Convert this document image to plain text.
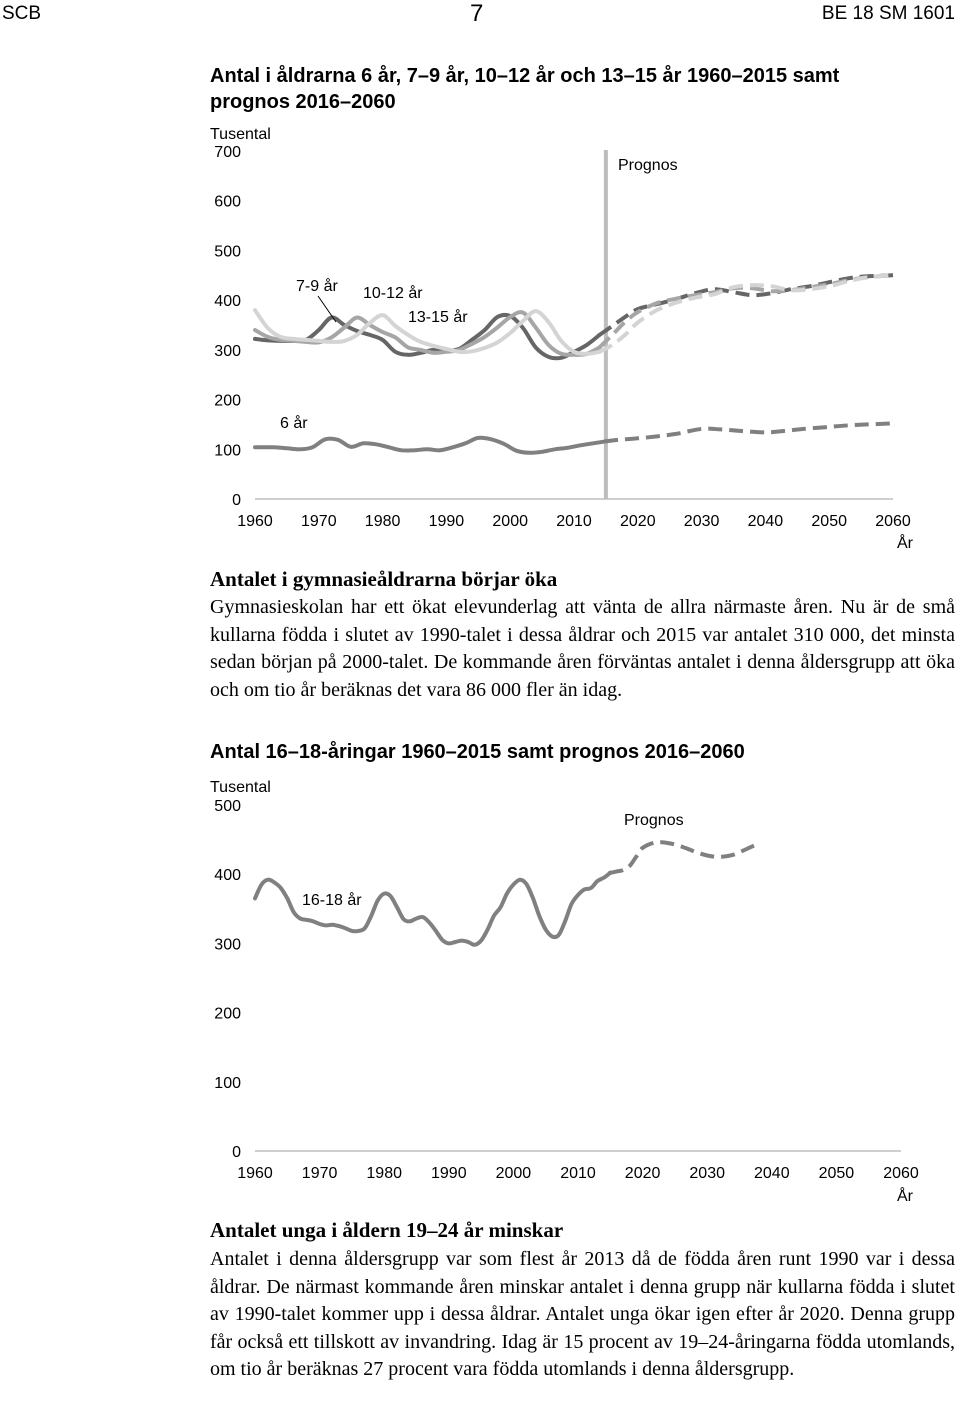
SCB	7	BE 18 SM 1601
Antal i åldrarna 6 år, 7–9 år, 10–12 år och 13–15 år 1960–2015 samt prognos 2016–2060
Tusental
0
100
200
300
400
500
600
700
1960 1970 1980 1990 2000 2010 2020 2030 2040 2050 2060
Prognos
År
7-9 år 10-12 år
13-15 år
6 år
Antalet i gymnasieåldrarna börjar öka
Gymnasieskolan har ett ökat elevunderlag att vänta de allra närmaste åren. Nu är de små kullarna födda i slutet av 1990-talet i dessa åldrar och 2015 var antalet 310 000, det minsta sedan början på 2000-talet. De kommande åren förväntas antalet i denna åldersgrupp att öka och om tio år beräknas det vara 86 000 fler än idag.
Antal 16–18-åringar 1960–2015 samt prognos 2016–2060
Tusental
0
100
200
300
400
500
1960 1970 1980 1990 2000 2010 2020 2030 2040 2050 2060
Prognos
År
16-18 år
Antalet unga i åldern 19–24 år minskar
Antalet i denna åldersgrupp var som flest år 2013 då de födda åren runt 1990 var i dessa åldrar. De närmast kommande åren minskar antalet i denna grupp när kullarna födda i slutet av 1990-talet kommer upp i dessa åldrar. Antalet unga ökar igen efter år 2020. Denna grupp får också ett tillskott av invandring. Idag är 15 procent av 19–24-åringarna födda utomlands, om tio år beräknas 27 procent vara födda utomlands i denna åldersgrupp.
